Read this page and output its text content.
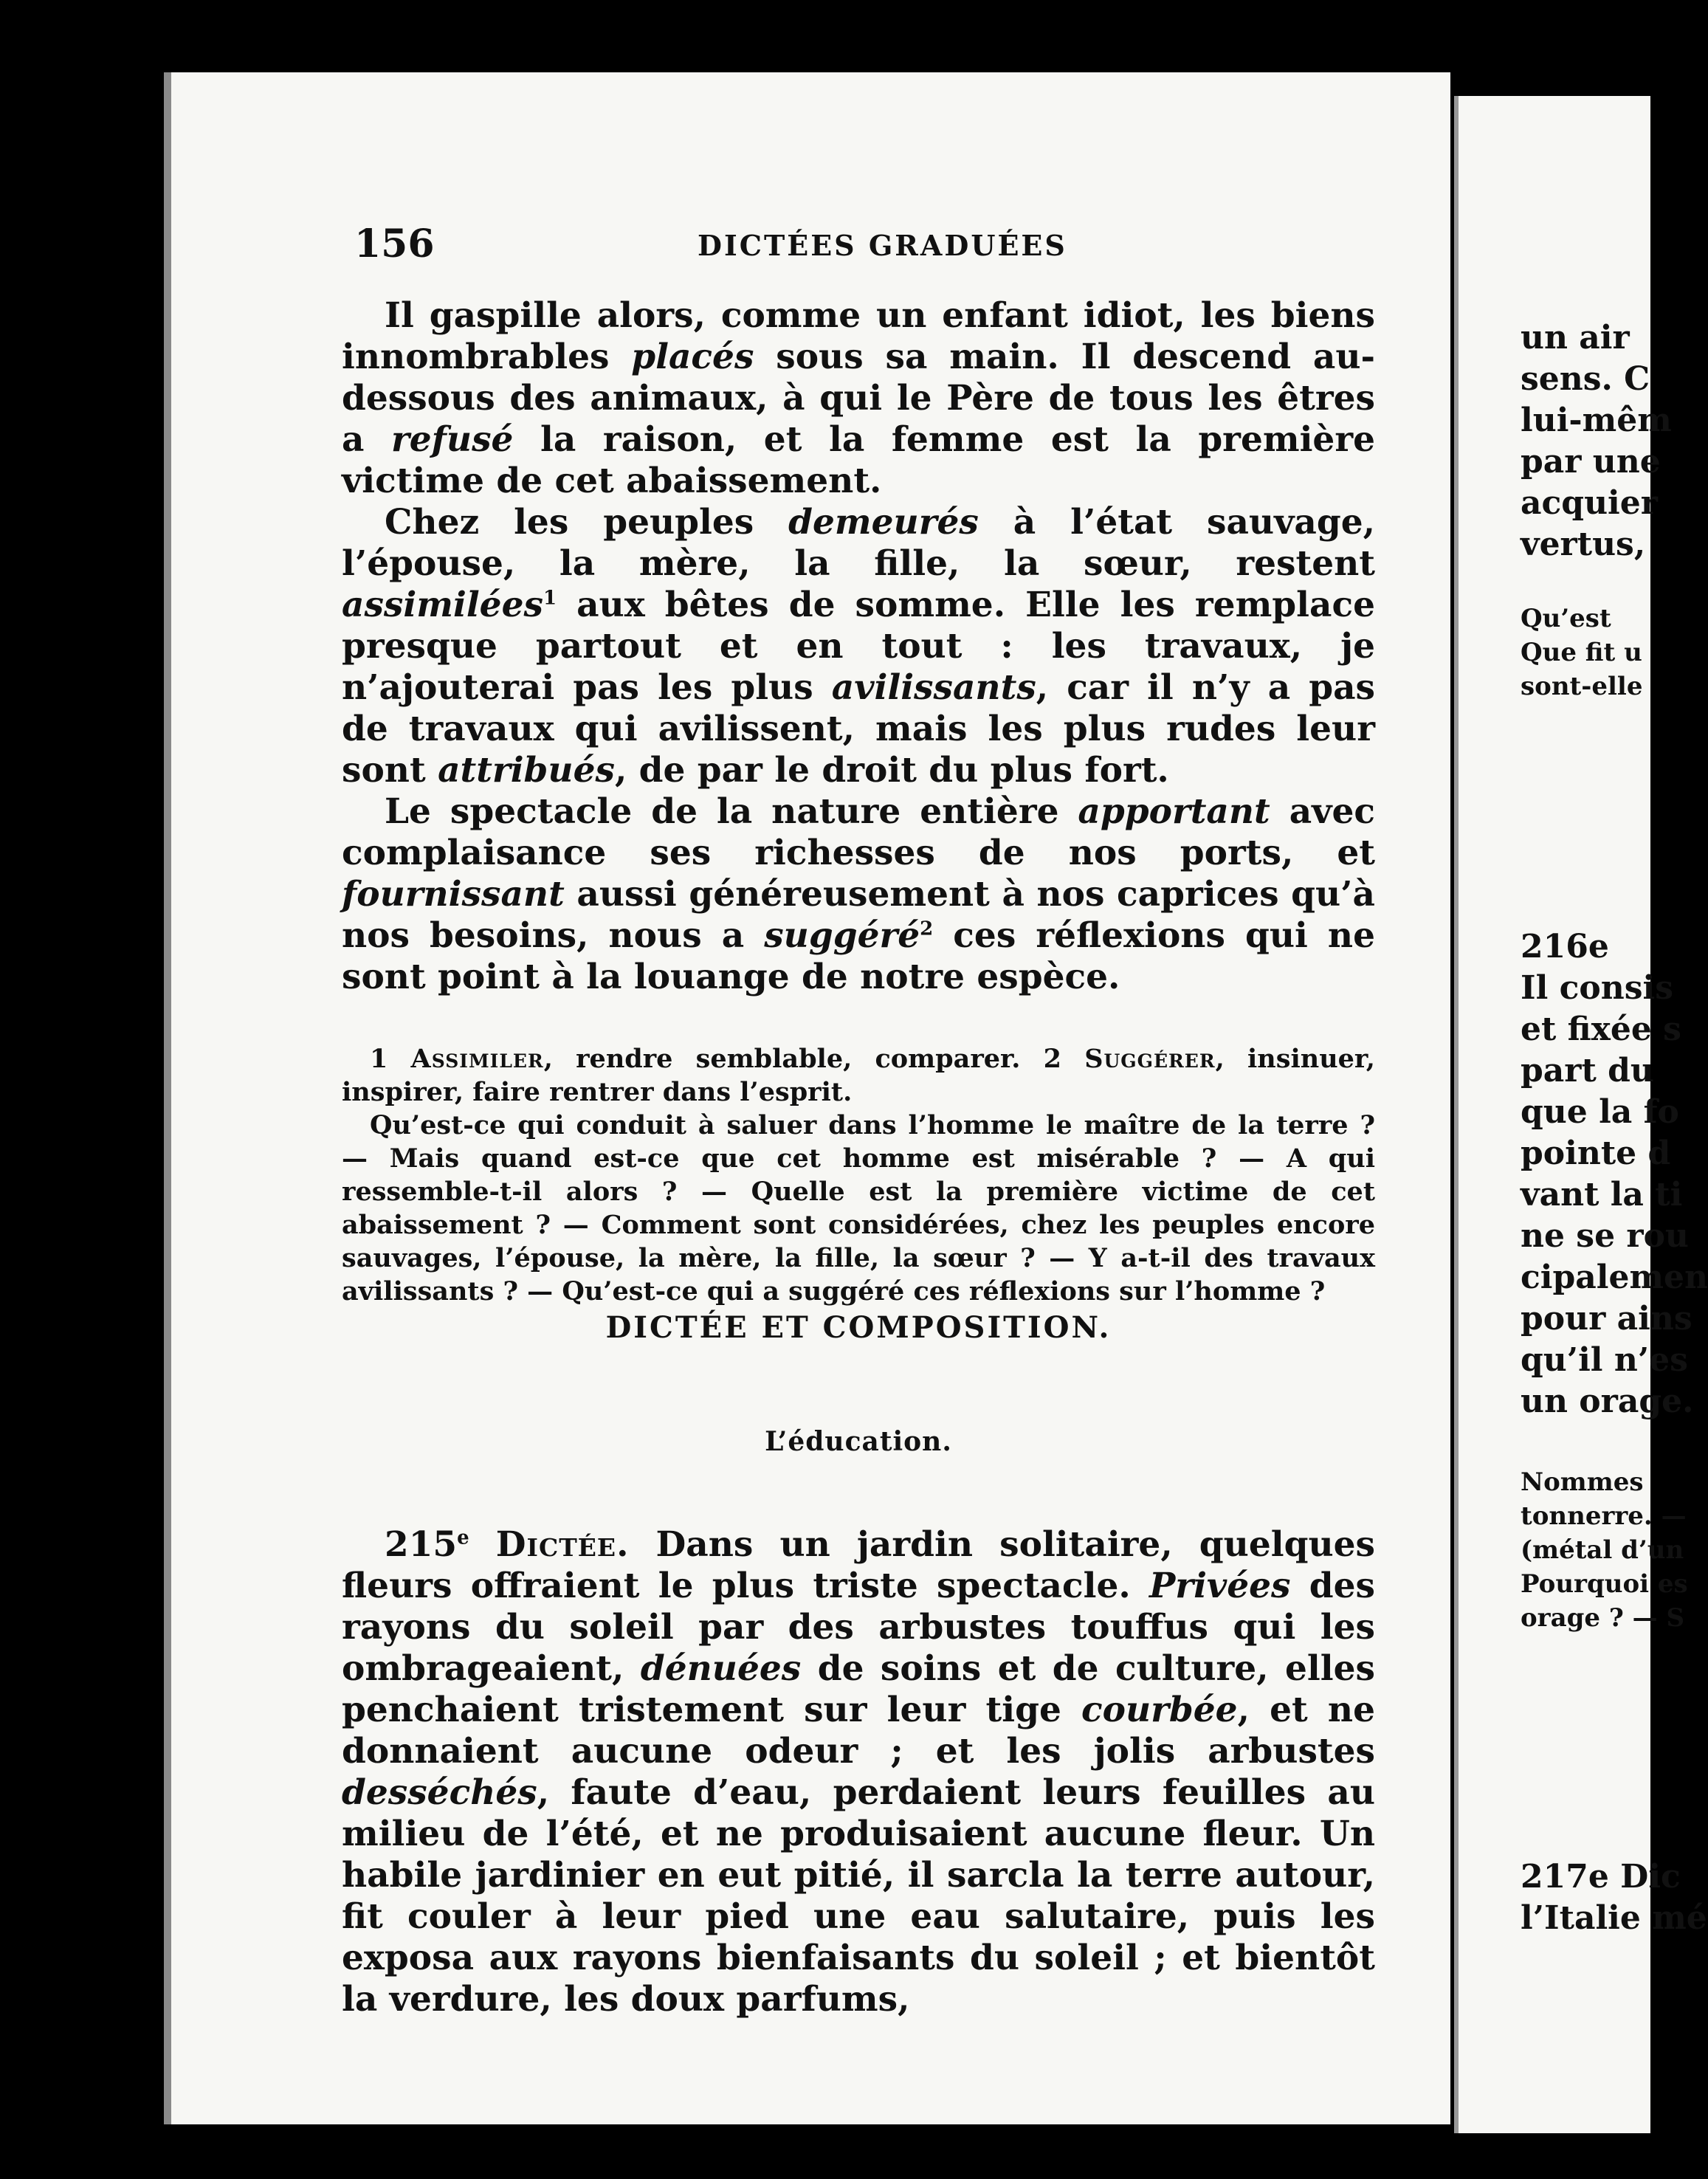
156	DICTÉES GRADUÉES

Il gaspille alors, comme un enfant idiot, les biens innombrables placés sous sa main. Il descend au-dessous des animaux, à qui le Père de tous les êtres a refusé la raison, et la femme est la première victime de cet abaissement.

Chez les peuples demeurés à l’état sauvage, l’épouse, la mère, la fille, la sœur, restent assimilées$^1$ aux bêtes de somme. Elle les remplace presque partout et en tout : les travaux, je n’ajouterai pas les plus avilissants, car il n’y a pas de travaux qui avilissent, mais les plus rudes leur sont attribués, de par le droit du plus fort.

Le spectacle de la nature entière apportant avec complaisance ses richesses de nos ports, et fournissant aussi généreusement à nos caprices qu’à nos besoins, nous a suggéré$^2$ ces réflexions qui ne sont point à la louange de notre espèce.

1 Assimiler, rendre semblable, comparer. 2 Suggérer, insinuer, inspirer, faire rentrer dans l’esprit.

Qu’est-ce qui conduit à saluer dans l’homme le maître de la terre ? — Mais quand est-ce que cet homme est misérable ? — A qui ressemble-t-il alors ? — Quelle est la première victime de cet abaissement ? — Comment sont considérées, chez les peuples encore sauvages, l’épouse, la mère, la fille, la sœur ? — Y a-t-il des travaux avilissants ? — Qu’est-ce qui a suggéré ces réflexions sur l’homme ?

DICTÉE ET COMPOSITION.
L’éducation.

215e Dictée. Dans un jardin solitaire, quelques fleurs offraient le plus triste spectacle. Privées des rayons du soleil par des arbustes touffus qui les ombrageaient, dénuées de soins et de culture, elles penchaient tristement sur leur tige courbée, et ne donnaient aucune odeur ; et les jolis arbustes desséchés, faute d’eau, perdaient leurs feuilles au milieu de l’été, et ne produisaient aucune fleur. Un habile jardinier en eut pitié, il sarcla la terre autour, fit couler à leur pied une eau salutaire, puis les exposa aux rayons bienfaisants du soleil ; et bientôt la verdure, les doux parfums,

un air
sens. C
lui-mêm
par une
acquier
vertus,
Qu’est
Que fit u
sont-elle
216e
Il consis
et fixée s
part du
que la fo
pointe d
vant la ti
ne se rou
cipalemen
pour ains
qu’il n’es
un orage.
Nommes
tonnerre. —
(métal d’un
Pourquoi es
orage ? — S
217e Dic
l’Italie mé
